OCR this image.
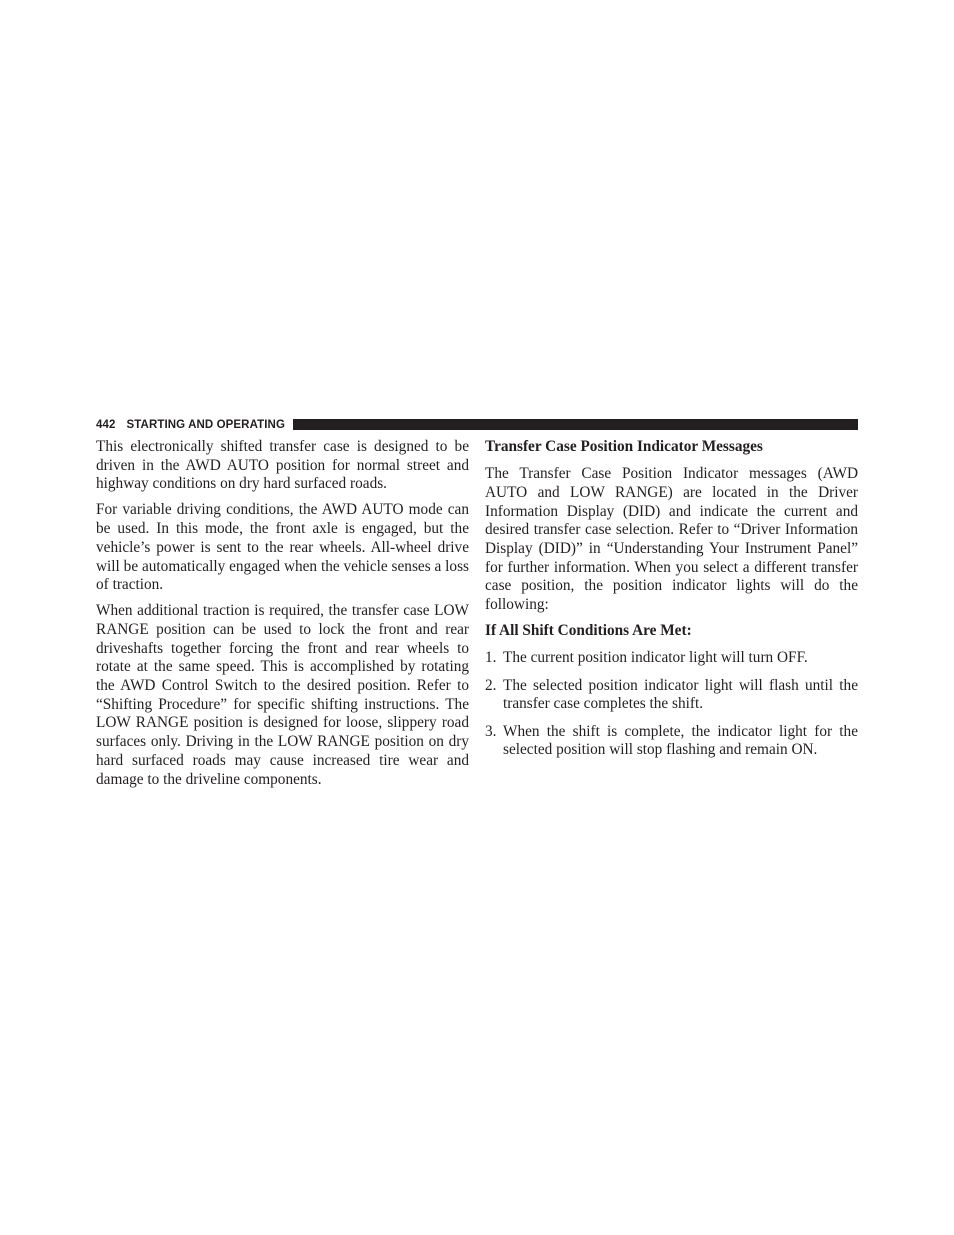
442 STARTING AND OPERATING

This electronically shifted transfer case is designed to be driven in the AWD AUTO position for normal street and highway conditions on dry hard surfaced roads.

For variable driving conditions, the AWD AUTO mode can be used. In this mode, the front axle is engaged, but the vehicle’s power is sent to the rear wheels. All-wheel drive will be automatically engaged when the vehicle senses a loss of traction.

When additional traction is required, the transfer case LOW RANGE position can be used to lock the front and rear driveshafts together forcing the front and rear wheels to rotate at the same speed. This is accomplished by rotating the AWD Control Switch to the desired position. Refer to “Shifting Procedure” for specific shifting instructions. The LOW RANGE position is designed for loose, slippery road surfaces only. Driving in the LOW RANGE position on dry hard surfaced roads may cause increased tire wear and damage to the driveline components.

Transfer Case Position Indicator Messages

The Transfer Case Position Indicator messages (AWD AUTO and LOW RANGE) are located in the Driver Information Display (DID) and indicate the current and desired transfer case selection. Refer to “Driver Information Display (DID)” in “Understanding Your Instrument Panel” for further information. When you select a different transfer case position, the position indicator lights will do the following:

If All Shift Conditions Are Met:

1. The current position indicator light will turn OFF.
2. The selected position indicator light will flash until the transfer case completes the shift.
3. When the shift is complete, the indicator light for the selected position will stop flashing and remain ON.
